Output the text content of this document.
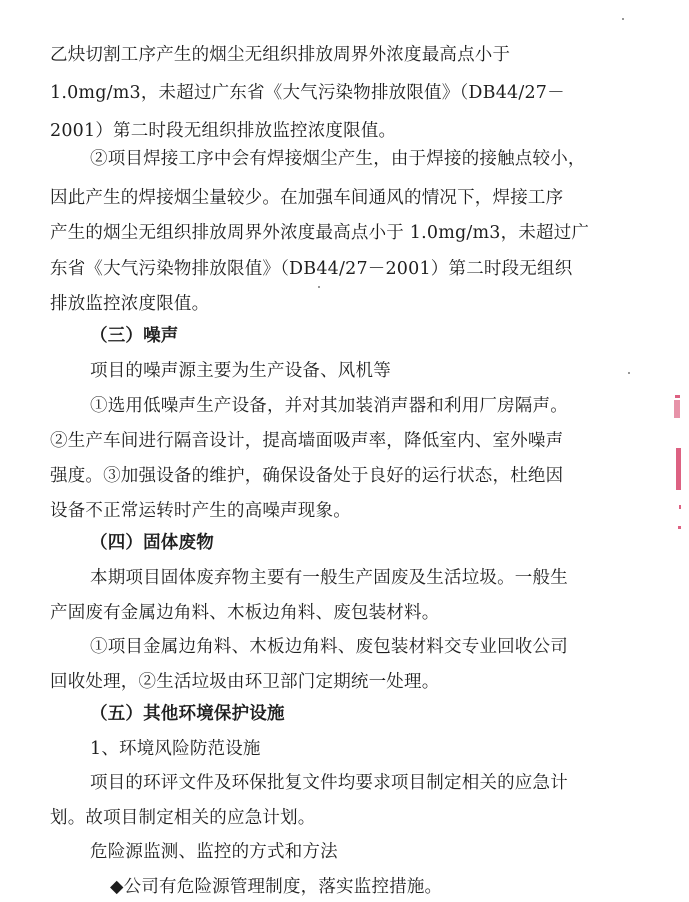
乙炔切割工序产生的烟尘无组织排放周界外浓度最高点小于
1.0mg/m3，未超过广东省《大气污染物排放限值》（DB44/27－
2001）第二时段无组织排放监控浓度限值。
②项目焊接工序中会有焊接烟尘产生，由于焊接的接触点较小，
因此产生的焊接烟尘量较少。在加强车间通风的情况下，焊接工序
产生的烟尘无组织排放周界外浓度最高点小于 1.0mg/m3，未超过广
东省《大气污染物排放限值》（DB44/27－2001）第二时段无组织
排放监控浓度限值。
（三）噪声
项目的噪声源主要为生产设备、风机等
①选用低噪声生产设备，并对其加装消声器和利用厂房隔声。
②生产车间进行隔音设计，提高墙面吸声率，降低室内、室外噪声
强度。③加强设备的维护，确保设备处于良好的运行状态，杜绝因
设备不正常运转时产生的高噪声现象。
（四）固体废物
本期项目固体废弃物主要有一般生产固废及生活垃圾。一般生
产固废有金属边角料、木板边角料、废包装材料。
①项目金属边角料、木板边角料、废包装材料交专业回收公司
回收处理，②生活垃圾由环卫部门定期统一处理。
（五）其他环境保护设施
1、环境风险防范设施
项目的环评文件及环保批复文件均要求项目制定相关的应急计
划。故项目制定相关的应急计划。
危险源监测、监控的方式和方法
◆公司有危险源管理制度，落实监控措施。
